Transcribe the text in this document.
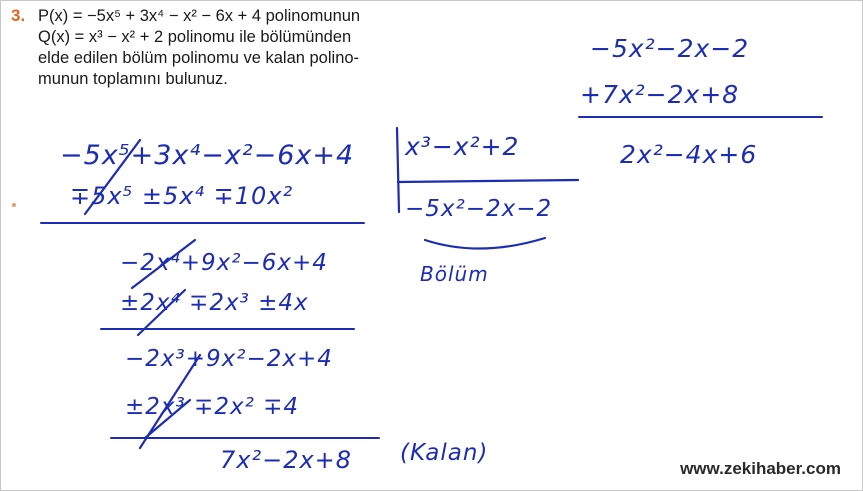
3. P(x) = −5x⁵ + 3x⁴ − x² − 6x + 4 polinomunun
Q(x) = x³ − x² + 2 polinomu ile bölümünden
elde edilen bölüm polinomu ve kalan polino-
munun toplamını bulunuz.
−5x⁵+3x⁴−x²−6x+4 x³−x²+2
−5x²−2x−2
Bölüm
∓5x⁵ ±5x⁴ ∓10x²
−2x⁴+9x²−6x+4
±2x⁴ ∓2x³ ±4x
−2x³+9x²−2x+4
±2x³ ∓2x² ∓4
7x²−2x+8 (Kalan)
−5x²−2x−2
+7x²−2x+8
2x²−4x+6
www.zekihaber.com
